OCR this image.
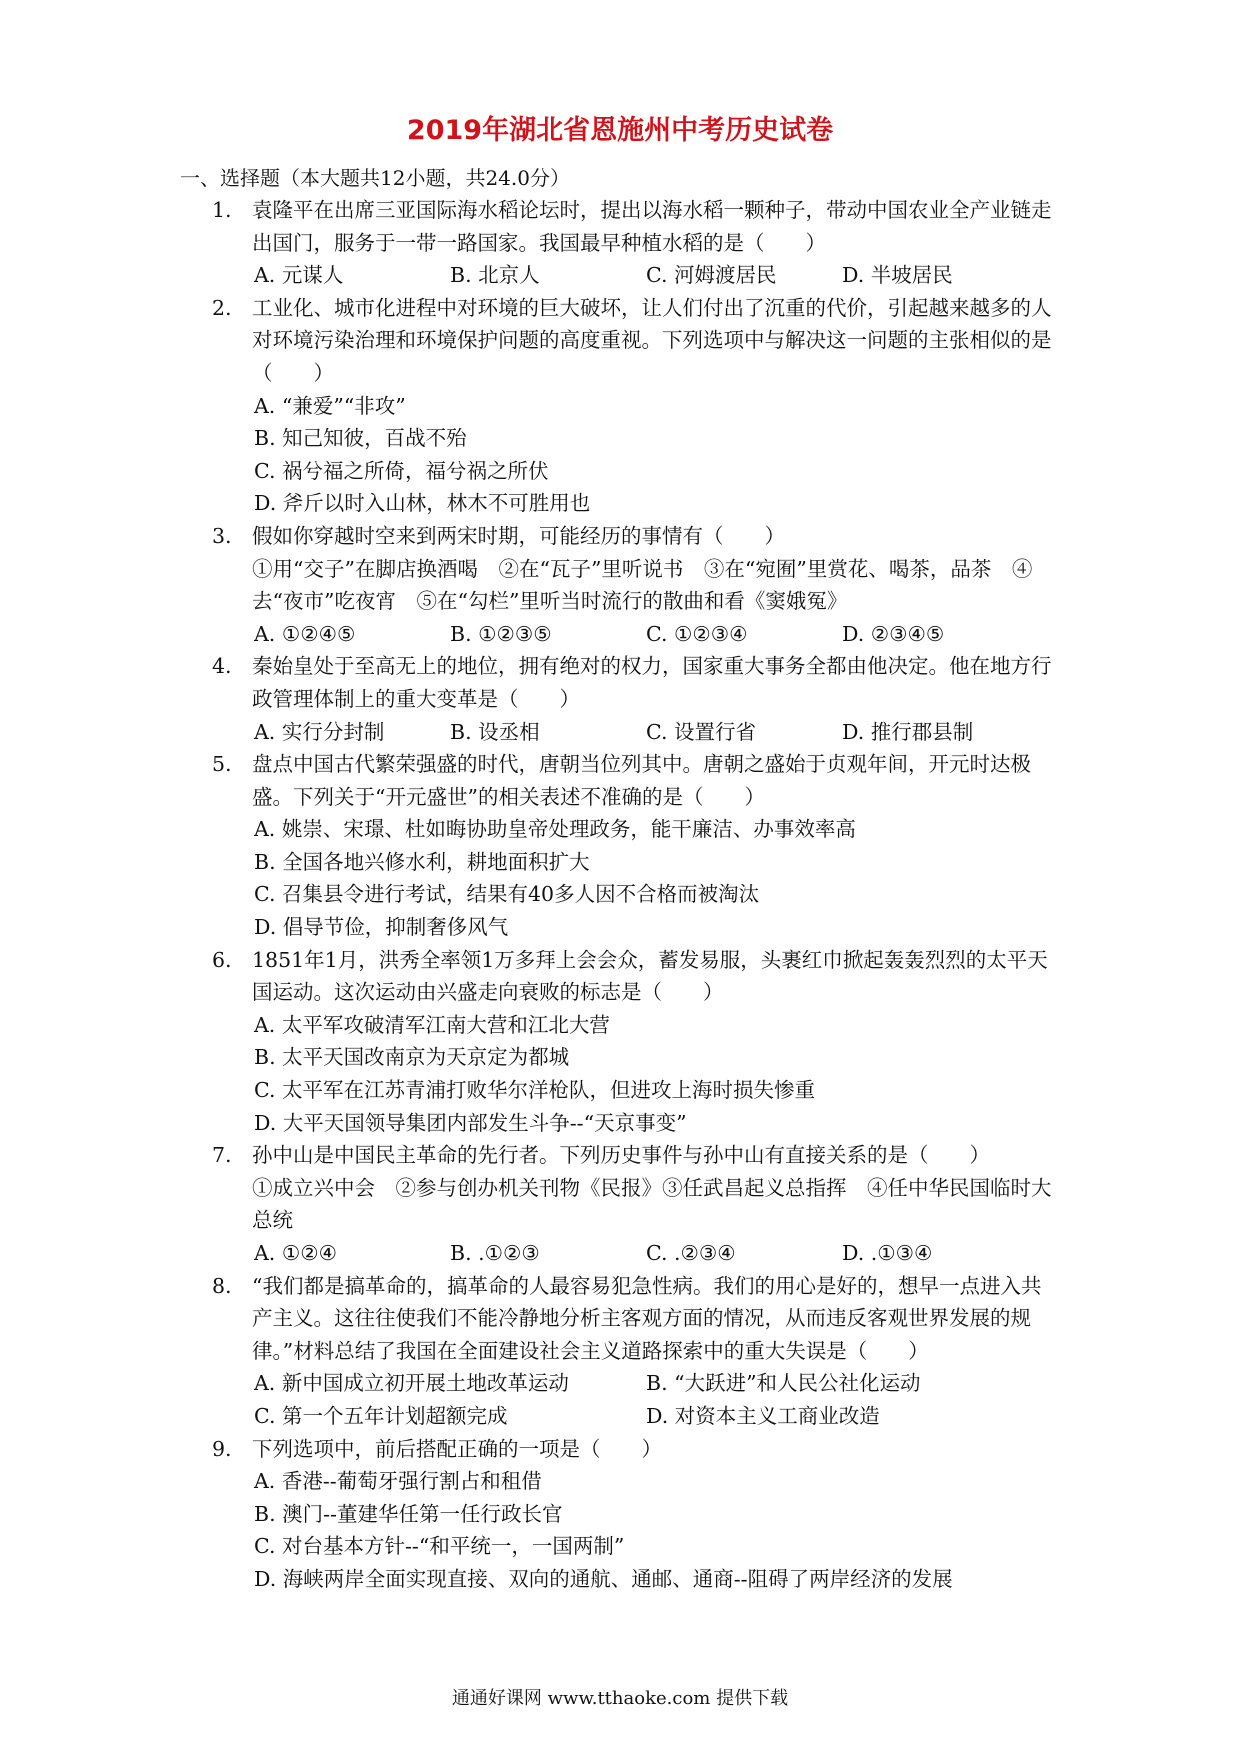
2019年湖北省恩施州中考历史试卷
一、选择题（本大题共12小题，共24.0分）
1. 袁隆平在出席三亚国际海水稻论坛时，提出以海水稻一颗种子，带动中国农业全产业链走出国门，服务于一带一路国家。我国最早种植水稻的是（　　）
A. 元谋人	B. 北京人	C. 河姆渡居民	D. 半坡居民
2. 工业化、城市化进程中对环境的巨大破坏，让人们付出了沉重的代价，引起越来越多的人对环境污染治理和环境保护问题的高度重视。下列选项中与解决这一问题的主张相似的是（　　）
A. “兼爱”“非攻”
B. 知己知彼，百战不殆
C. 祸兮福之所倚，福兮祸之所伏
D. 斧斤以时入山林，林木不可胜用也
3. 假如你穿越时空来到两宋时期，可能经历的事情有（　　）
①用“交子”在脚店换酒喝　②在“瓦子”里听说书　③在“宛囿”里赏花、喝茶，品茶　④去“夜市”吃夜宵　⑤在“勾栏”里听当时流行的散曲和看《窦娥冤》
A. ①②④⑤	B. ①②③⑤	C. ①②③④	D. ②③④⑤
4. 秦始皇处于至高无上的地位，拥有绝对的权力，国家重大事务全都由他决定。他在地方行政管理体制上的重大变革是（　　）
A. 实行分封制	B. 设丞相	C. 设置行省	D. 推行郡县制
5. 盘点中国古代繁荣强盛的时代，唐朝当位列其中。唐朝之盛始于贞观年间，开元时达极盛。下列关于“开元盛世”的相关表述不准确的是（　　）
A. 姚崇、宋璟、杜如晦协助皇帝处理政务，能干廉洁、办事效率高
B. 全国各地兴修水利，耕地面积扩大
C. 召集县令进行考试，结果有40多人因不合格而被淘汰
D. 倡导节俭，抑制奢侈风气
6. 1851年1月，洪秀全率领1万多拜上会会众，蓄发易服，头裹红巾掀起轰轰烈烈的太平天国运动。这次运动由兴盛走向衰败的标志是（　　）
A. 太平军攻破清军江南大营和江北大营
B. 太平天国改南京为天京定为都城
C. 太平军在江苏青浦打败华尔洋枪队，但进攻上海时损失惨重
D. 大平天国领导集团内部发生斗争--“天京事变”
7. 孙中山是中国民主革命的先行者。下列历史事件与孙中山有直接关系的是（　　）
①成立兴中会　②参与创办机关刊物《民报》③任武昌起义总指挥　④任中华民国临时大总统
A. ①②④	B. .①②③	C. .②③④	D. .①③④
8. “我们都是搞革命的，搞革命的人最容易犯急性病。我们的用心是好的，想早一点进入共产主义。这往往使我们不能冷静地分析主客观方面的情况，从而违反客观世界发展的规律。”材料总结了我国在全面建设社会主义道路探索中的重大失误是（　　）
A. 新中国成立初开展土地改革运动	B. “大跃进”和人民公社化运动
C. 第一个五年计划超额完成	D. 对资本主义工商业改造
9. 下列选项中，前后搭配正确的一项是（　　）
A. 香港--葡萄牙强行割占和租借
B. 澳门--董建华任第一任行政长官
C. 对台基本方针--“和平统一，一国两制”
D. 海峡两岸全面实现直接、双向的通航、通邮、通商--阻碍了两岸经济的发展
通通好课网 www.tthaoke.com 提供下载
